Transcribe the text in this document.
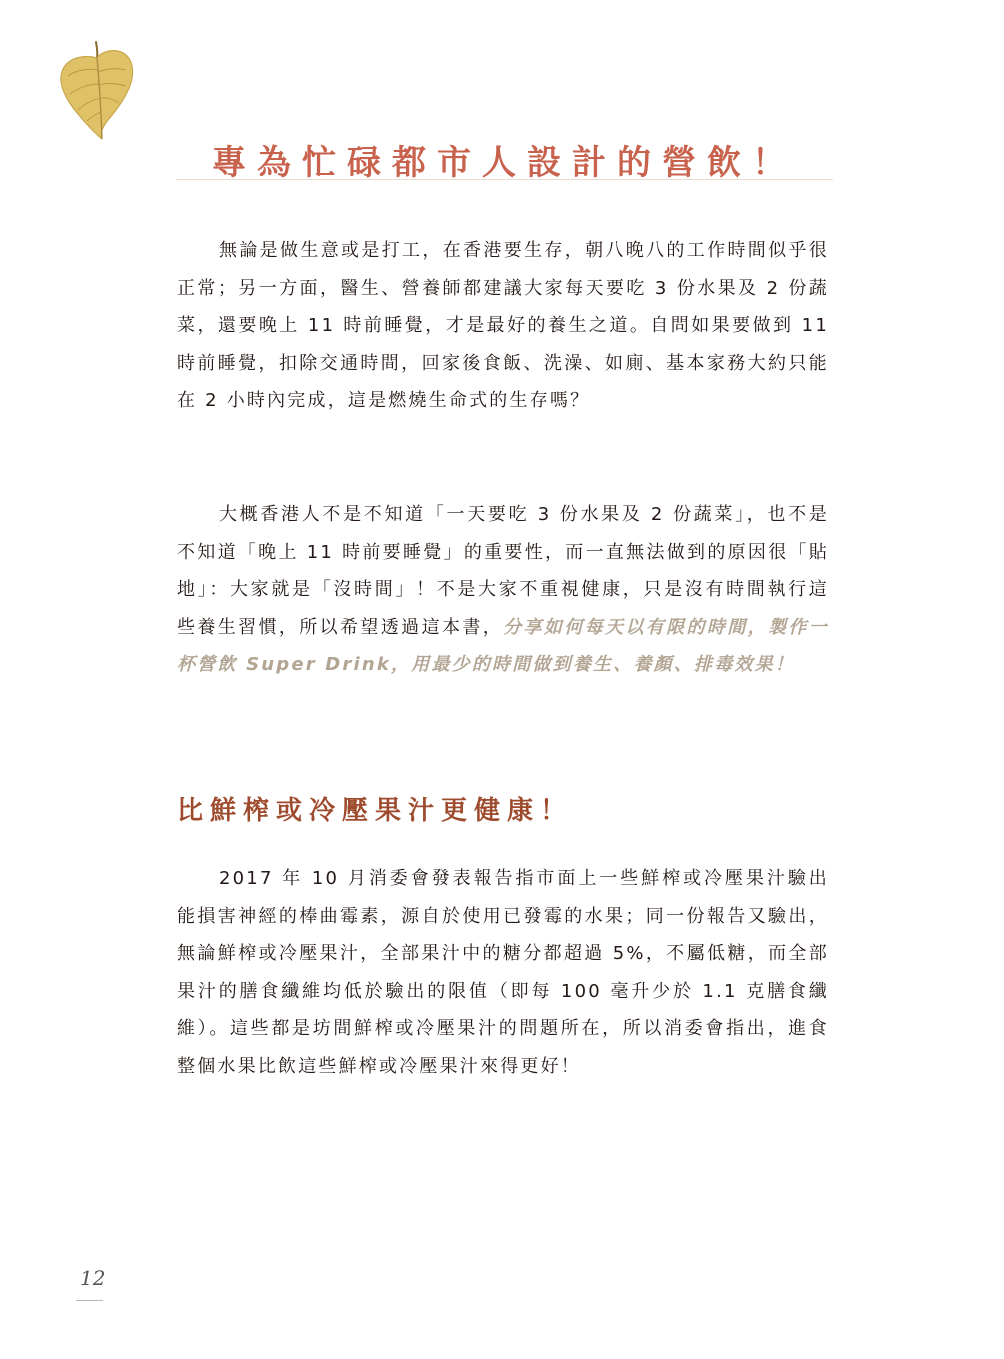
專為忙碌都市人設計的營飲！

無論是做生意或是打工，在香港要生存，朝八晚八的工作時間似乎很正常；另一方面，醫生、營養師都建議大家每天要吃 3 份水果及 2 份蔬菜，還要晚上 11 時前睡覺，才是最好的養生之道。自問如果要做到 11 時前睡覺，扣除交通時間，回家後食飯、洗澡、如廁、基本家務大約只能在 2 小時內完成，這是燃燒生命式的生存嗎？

大概香港人不是不知道「一天要吃 3 份水果及 2 份蔬菜」，也不是不知道「晚上 11 時前要睡覺」的重要性，而一直無法做到的原因很「貼地」：大家就是「沒時間」！不是大家不重視健康，只是沒有時間執行這些養生習慣，所以希望透過這本書，分享如何每天以有限的時間，製作一杯營飲 Super Drink，用最少的時間做到養生、養顏、排毒效果！

比鮮榨或冷壓果汁更健康！

2017 年 10 月消委會發表報告指市面上一些鮮榨或冷壓果汁驗出能損害神經的棒曲霉素，源自於使用已發霉的水果；同一份報告又驗出，無論鮮榨或冷壓果汁，全部果汁中的糖分都超過 5%，不屬低糖，而全部果汁的膳食纖維均低於驗出的限值（即每 100 毫升少於 1.1 克膳食纖維）。這些都是坊間鮮榨或冷壓果汁的問題所在，所以消委會指出，進食整個水果比飲這些鮮榨或冷壓果汁來得更好！

12
